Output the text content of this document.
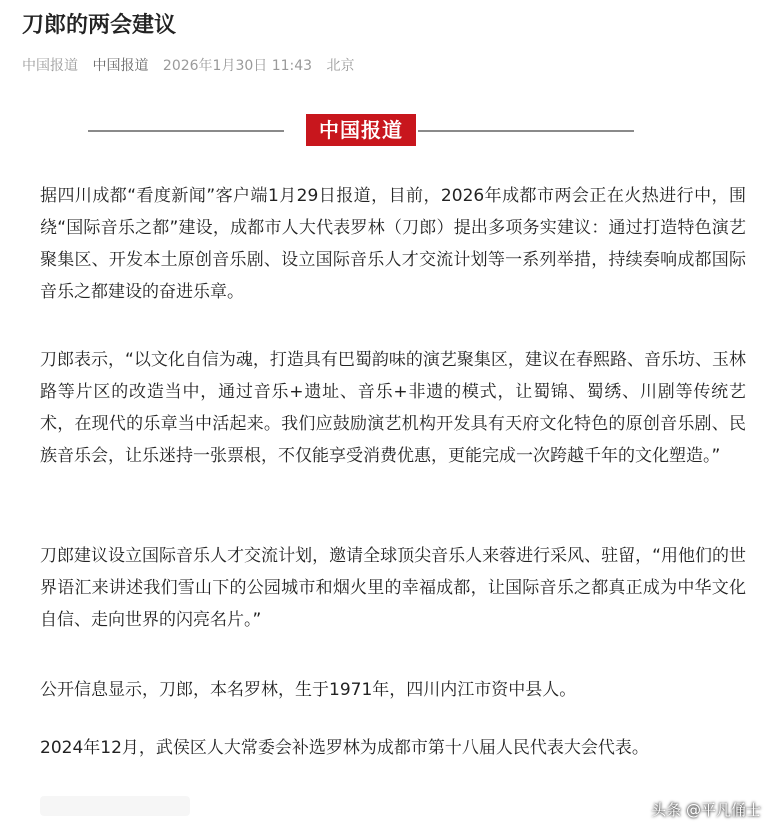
刀郎的两会建议
中国报道 中国报道 2026年1月30日 11:43 北京
中国报道

据四川成都“看度新闻”客户端1月29日报道，目前，2026年成都市两会正在火热进行中，围绕“国际音乐之都”建设，成都市人大代表罗林（刀郎）提出多项务实建议：通过打造特色演艺聚集区、开发本土原创音乐剧、设立国际音乐人才交流计划等一系列举措，持续奏响成都国际音乐之都建设的奋进乐章。

刀郎表示，“以文化自信为魂，打造具有巴蜀韵味的演艺聚集区，建议在春熙路、音乐坊、玉林路等片区的改造当中，通过音乐+遗址、音乐+非遗的模式，让蜀锦、蜀绣、川剧等传统艺术，在现代的乐章当中活起来。我们应鼓励演艺机构开发具有天府文化特色的原创音乐剧、民族音乐会，让乐迷持一张票根，不仅能享受消费优惠，更能完成一次跨越千年的文化塑造。”

刀郎建议设立国际音乐人才交流计划，邀请全球顶尖音乐人来蓉进行采风、驻留，“用他们的世界语汇来讲述我们雪山下的公园城市和烟火里的幸福成都，让国际音乐之都真正成为中华文化自信、走向世界的闪亮名片。”

公开信息显示，刀郎，本名罗林，生于1971年，四川内江市资中县人。

2024年12月，武侯区人大常委会补选罗林为成都市第十八届人民代表大会代表。

头条 @平凡俑士
